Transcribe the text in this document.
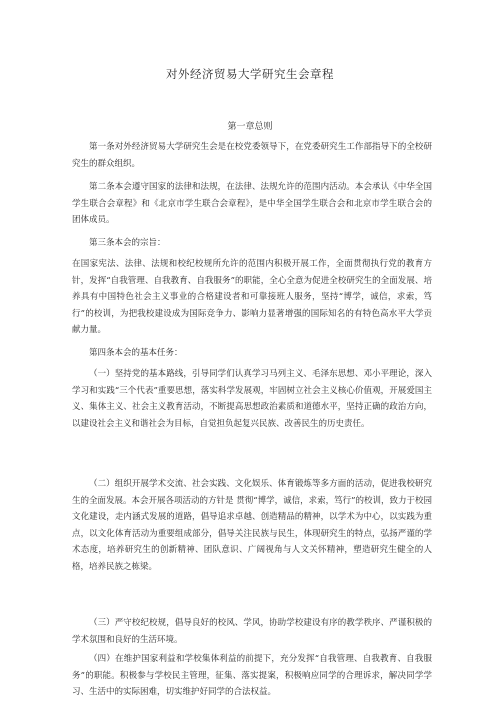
对外经济贸易大学研究生会章程
第一章总则

第一条对外经济贸易大学研究生会是在校党委领导下，在党委研究生工作部指导下的全校研究生的群众组织。

第二条本会遵守国家的法律和法规，在法律、法规允许的范围内活动。本会承认《中华全国学生联合会章程》和《北京市学生联合会章程》，是中华全国学生联合会和北京市学生联合会的团体成员。

第三条本会的宗旨：

在国家宪法、法律、法规和校纪校规所允许的范围内积极开展工作，全面贯彻执行党的教育方针，发挥“自我管理、自我教育、自我服务”的职能，全心全意为促进全校研究生的全面发展、培养具有中国特色社会主义事业的合格建设者和可靠接班人服务，坚持“博学，诚信，求索，笃行”的校训，为把我校建设成为国际竞争力、影响力显著增强的国际知名的有特色高水平大学贡献力量。

第四条本会的基本任务：

（一）坚持党的基本路线，引导同学们认真学习马列主义、毛泽东思想、邓小平理论，深入学习和实践“三个代表”重要思想，落实科学发展观，牢固树立社会主义核心价值观，开展爱国主义、集体主义、社会主义教育活动，不断提高思想政治素质和道德水平，坚持正确的政治方向，以建设社会主义和谐社会为目标，自觉担负起复兴民族、改善民生的历史责任。

（二）组织开展学术交流、社会实践、文化娱乐、体育锻炼等多方面的活动，促进我校研究生的全面发展。本会开展各项活动的方针是 贯彻“博学，诚信，求索，笃行”的校训，致力于校园文化建设，走内涵式发展的道路，倡导追求卓越、创造精品的精神，以学术为中心，以实践为重点，以文化体育活动为重要组成部分，倡导关注民族与民生，体现研究生的特点，弘扬严谨的学术态度，培养研究生的创新精神、团队意识、广阔视角与人文关怀精神，塑造研究生健全的人格，培养民族之栋梁。

（三）严守校纪校规，倡导良好的校风、学风，协助学校建设有序的教学秩序、严谨积极的学术氛围和良好的生活环境。

（四）在维护国家利益和学校集体利益的前提下，充分发挥“自我管理、自我教育、自我服务”的职能。积极参与学校民主管理，征集、落实提案，积极响应同学的合理诉求，解决同学学习、生活中的实际困难，切实维护好同学的合法权益。
